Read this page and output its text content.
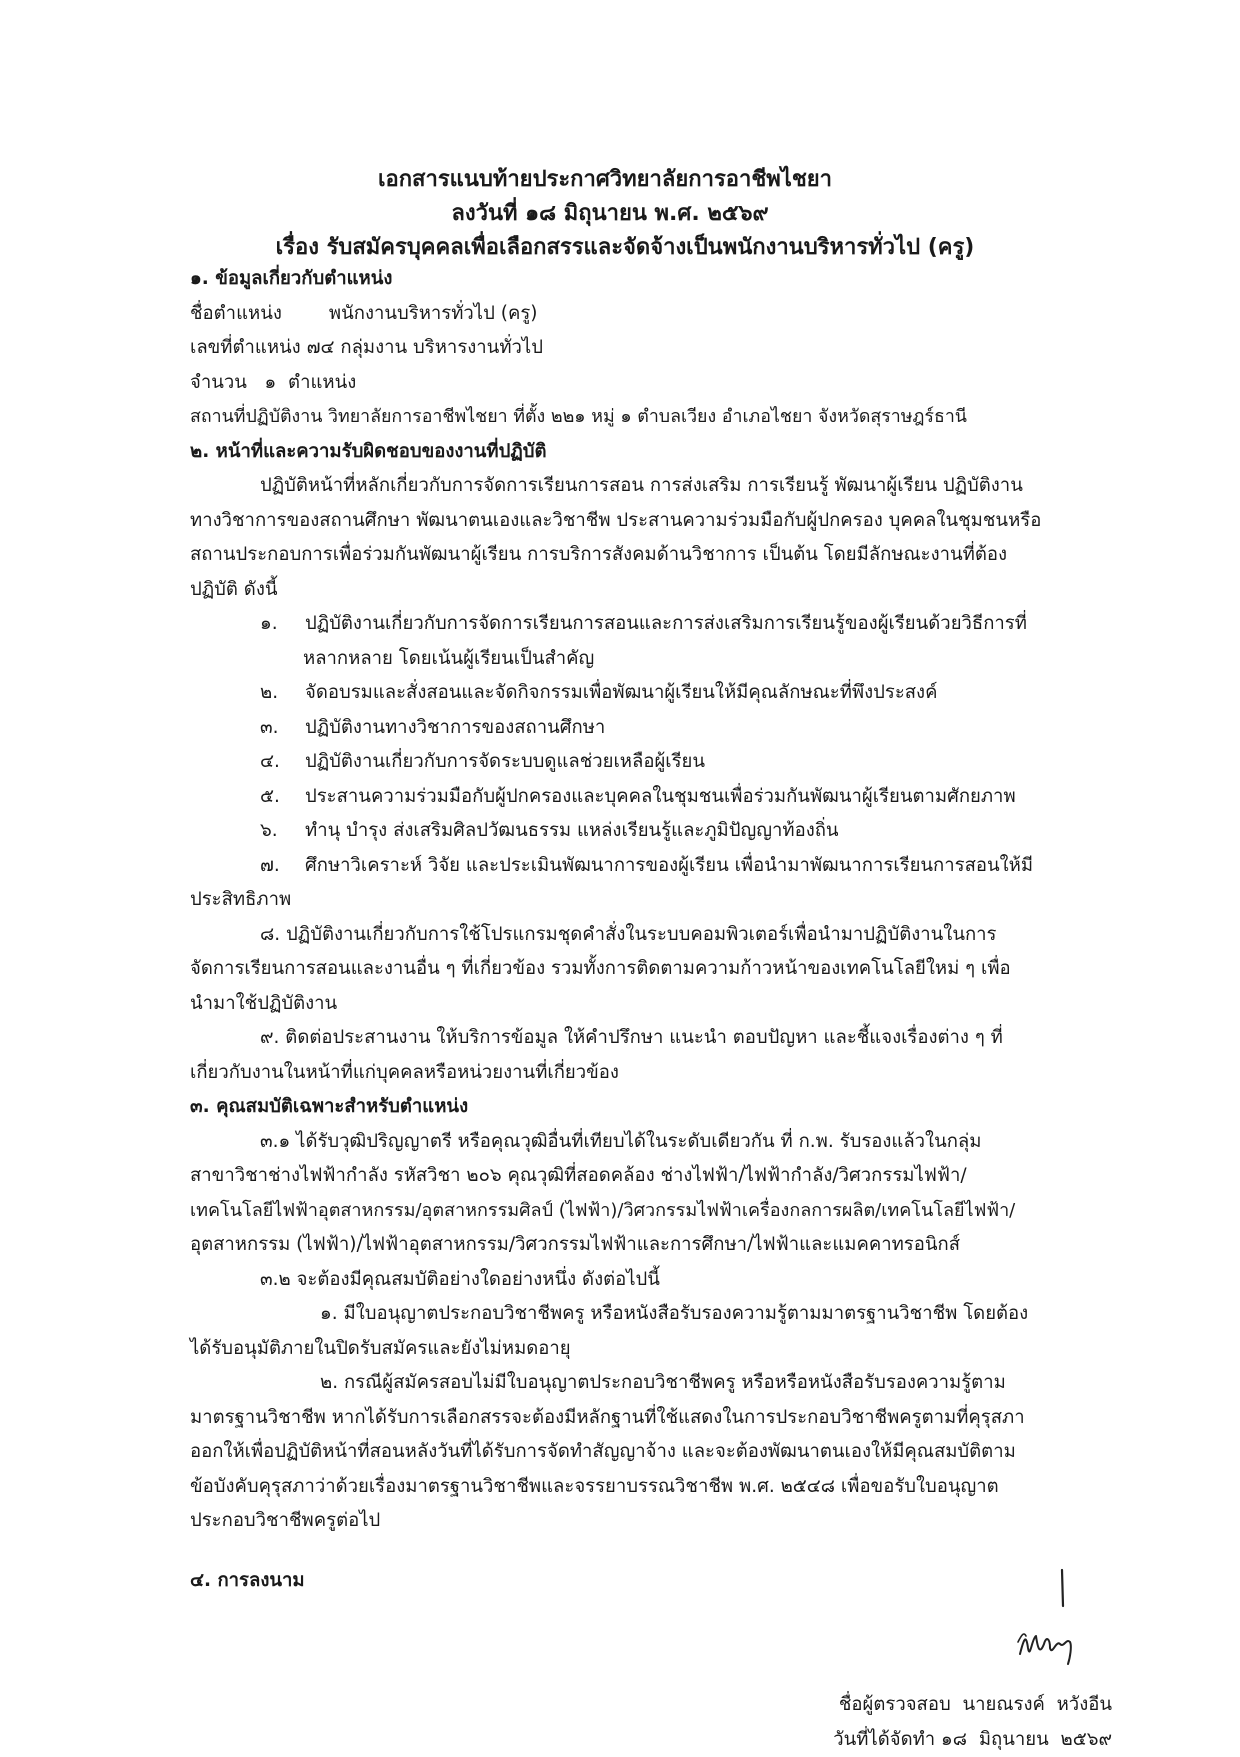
เอกสารแนบท้ายประกาศวิทยาลัยการอาชีพไชยา
ลงวันที่ ๑๘ มิถุนายน พ.ศ. ๒๕๖๙
เรื่อง รับสมัครบุคคลเพื่อเลือกสรรและจัดจ้างเป็นพนักงานบริหารทั่วไป (ครู)
๑. ข้อมูลเกี่ยวกับตำแหน่ง
ชื่อตำแหน่ง        พนักงานบริหารทั่วไป (ครู)
เลขที่ตำแหน่ง ๗๔ กลุ่มงาน บริหารงานทั่วไป
จำนวน   ๑  ตำแหน่ง
สถานที่ปฏิบัติงาน วิทยาลัยการอาชีพไชยา ที่ตั้ง ๒๒๑ หมู่ ๑ ตำบลเวียง อำเภอไชยา จังหวัดสุราษฎร์ธานี
๒. หน้าที่และความรับผิดชอบของงานที่ปฏิบัติ
ปฏิบัติหน้าที่หลักเกี่ยวกับการจัดการเรียนการสอน การส่งเสริม การเรียนรู้ พัฒนาผู้เรียน ปฏิบัติงาน
ทางวิชาการของสถานศึกษา พัฒนาตนเองและวิชาชีพ ประสานความร่วมมือกับผู้ปกครอง บุคคลในชุมชนหรือ
สถานประกอบการเพื่อร่วมกันพัฒนาผู้เรียน การบริการสังคมด้านวิชาการ เป็นต้น โดยมีลักษณะงานที่ต้อง
ปฏิบัติ ดังนี้
๑.	ปฏิบัติงานเกี่ยวกับการจัดการเรียนการสอนและการส่งเสริมการเรียนรู้ของผู้เรียนด้วยวิธีการที่
หลากหลาย โดยเน้นผู้เรียนเป็นสำคัญ
๒.	จัดอบรมและสั่งสอนและจัดกิจกรรมเพื่อพัฒนาผู้เรียนให้มีคุณลักษณะที่พึงประสงค์
๓.	ปฏิบัติงานทางวิชาการของสถานศึกษา
๔.	ปฏิบัติงานเกี่ยวกับการจัดระบบดูแลช่วยเหลือผู้เรียน
๕.	ประสานความร่วมมือกับผู้ปกครองและบุคคลในชุมชนเพื่อร่วมกันพัฒนาผู้เรียนตามศักยภาพ
๖.	ทำนุ บำรุง ส่งเสริมศิลปวัฒนธรรม แหล่งเรียนรู้และภูมิปัญญาท้องถิ่น
๗.	ศึกษาวิเคราะห์ วิจัย และประเมินพัฒนาการของผู้เรียน เพื่อนำมาพัฒนาการเรียนการสอนให้มี
ประสิทธิภาพ
๘. ปฏิบัติงานเกี่ยวกับการใช้โปรแกรมชุดคำสั่งในระบบคอมพิวเตอร์เพื่อนำมาปฏิบัติงานในการ
จัดการเรียนการสอนและงานอื่น ๆ ที่เกี่ยวข้อง รวมทั้งการติดตามความก้าวหน้าของเทคโนโลยีใหม่ ๆ เพื่อ
นำมาใช้ปฏิบัติงาน
๙. ติดต่อประสานงาน ให้บริการข้อมูล ให้คำปรึกษา แนะนำ ตอบปัญหา และชี้แจงเรื่องต่าง ๆ ที่
เกี่ยวกับงานในหน้าที่แก่บุคคลหรือหน่วยงานที่เกี่ยวข้อง
๓. คุณสมบัติเฉพาะสำหรับตำแหน่ง
๓.๑ ได้รับวุฒิปริญญาตรี หรือคุณวุฒิอื่นที่เทียบได้ในระดับเดียวกัน ที่ ก.พ. รับรองแล้วในกลุ่ม
สาขาวิชาช่างไฟฟ้ากำลัง รหัสวิชา ๒๐๖ คุณวุฒิที่สอดคล้อง ช่างไฟฟ้า/ไฟฟ้ากำลัง/วิศวกรรมไฟฟ้า/
เทคโนโลยีไฟฟ้าอุตสาหกรรม/อุตสาหกรรมศิลป์ (ไฟฟ้า)/วิศวกรรมไฟฟ้าเครื่องกลการผลิต/เทคโนโลยีไฟฟ้า/
อุตสาหกรรม (ไฟฟ้า)/ไฟฟ้าอุตสาหกรรม/วิศวกรรมไฟฟ้าและการศึกษา/ไฟฟ้าและแมคคาทรอนิกส์
๓.๒ จะต้องมีคุณสมบัติอย่างใดอย่างหนึ่ง ดังต่อไปนี้
๑. มีใบอนุญาตประกอบวิชาชีพครู หรือหนังสือรับรองความรู้ตามมาตรฐานวิชาชีพ โดยต้อง
ได้รับอนุมัติภายในปิดรับสมัครและยังไม่หมดอายุ
๒. กรณีผู้สมัครสอบไม่มีใบอนุญาตประกอบวิชาชีพครู หรือหรือหนังสือรับรองความรู้ตาม
มาตรฐานวิชาชีพ หากได้รับการเลือกสรรจะต้องมีหลักฐานที่ใช้แสดงในการประกอบวิชาชีพครูตามที่คุรุสภา
ออกให้เพื่อปฏิบัติหน้าที่สอนหลังวันที่ได้รับการจัดทำสัญญาจ้าง และจะต้องพัฒนาตนเองให้มีคุณสมบัติตาม
ข้อบังคับคุรุสภาว่าด้วยเรื่องมาตรฐานวิชาชีพและจรรยาบรรณวิชาชีพ พ.ศ. ๒๕๔๘ เพื่อขอรับใบอนุญาต
ประกอบวิชาชีพครูต่อไป
๔. การลงนาม
ชื่อผู้ตรวจสอบ  นายณรงค์  หวังอีน
วันที่ได้จัดทำ ๑๘  มิถุนายน  ๒๕๖๙
